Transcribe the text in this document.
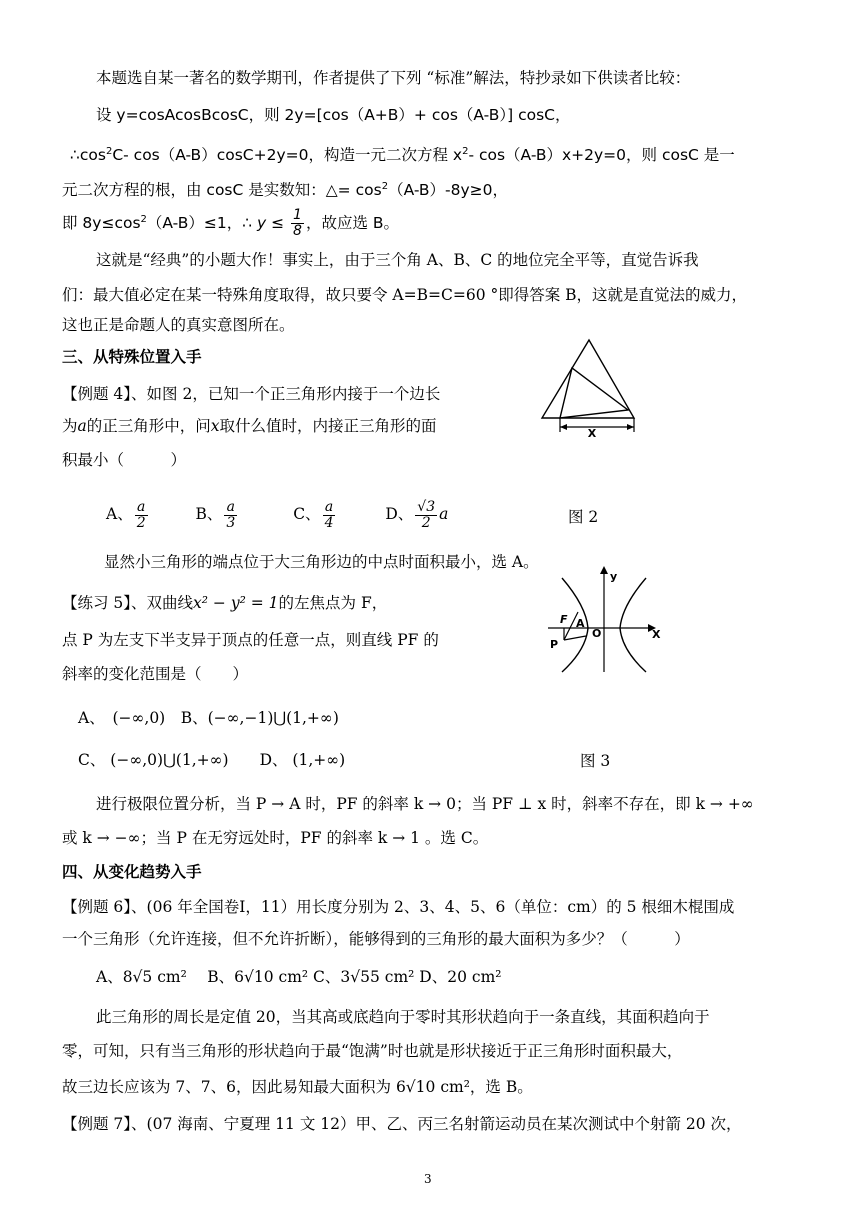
本题选自某一著名的数学期刊，作者提供了下列 “标准”解法，特抄录如下供读者比较：
设 y=cosAcosBcosC，则 2y=[cos（A+B）+ cos（A-B）] cosC，
$\therefore\cos^2C-$ cos（A-B）cosC+2y=0，构造一元二次方程 $x^2-$ cos（A-B）x+2y=0，则 cosC 是一
元二次方程的根，由 cosC 是实数知：△= $\cos^2(A-B)-8y\ge 0$，
即 $8y\le\cos^2(A-B)\le 1$，∴ $y \le \frac{1}{8}$ ，故应选 B。
这就是“经典”的小题大作！事实上，由于三个角 A、B、C 的地位完全平等，直觉告诉我
们：最大值必定在某一特殊角度取得，故只要令 A=B=C=60 °即得答案 B，这就是直觉法的威力，
这也正是命题人的真实意图所在。
三、从特殊位置入手
【例题 4】、如图 2，已知一个正三角形内接于一个边长
为a的正三角形中，问x取什么值时，内接正三角形的面
积最小（　　　）
A、 $\frac{a}{2}$	B、 $\frac{a}{3}$	C、 $\frac{a}{4}$	D、 $\frac{√3}{2}$ a
X
图 2
显然小三角形的端点位于大三角形边的中点时面积最小，选 A。
【练习 5】、双曲线x² − y² = 1的左焦点为 F，
点 P 为左支下半支异于顶点的任意一点，则直线 PF 的
斜率的变化范围是（　　）
A、　(−∞,0)　B、(−∞,−1)⋃(1,+∞)
C、 (−∞,0)⋃(1,+∞)　　D、 (1,+∞)
y
X
F A
O
P
图 3
进行极限位置分析，当 P → A 时，PF 的斜率 k → 0；当 PF ⊥ x 时，斜率不存在，即 k → +∞
或 k → −∞；当 P 在无穷远处时，PF 的斜率 k → 1 。选 C。
四、从变化趋势入手
【例题 6】、(06 年全国卷Ⅰ，11）用长度分别为 2、3、4、5、6（单位：cm）的 5 根细木棍围成
一个三角形（允许连接，但不允许折断），能够得到的三角形的最大面积为多少？（　　　）
A、8√5 cm²　 B、6√10 cm² C、3√55 cm² D、20 cm²
此三角形的周长是定值 20，当其高或底趋向于零时其形状趋向于一条直线，其面积趋向于
零，可知，只有当三角形的形状趋向于最“饱满”时也就是形状接近于正三角形时面积最大，
故三边长应该为 7、7、6，因此易知最大面积为 6√10 cm²，选 B。
【例题 7】、(07 海南、宁夏理 11 文 12）甲、乙、丙三名射箭运动员在某次测试中个射箭 20 次，
3
